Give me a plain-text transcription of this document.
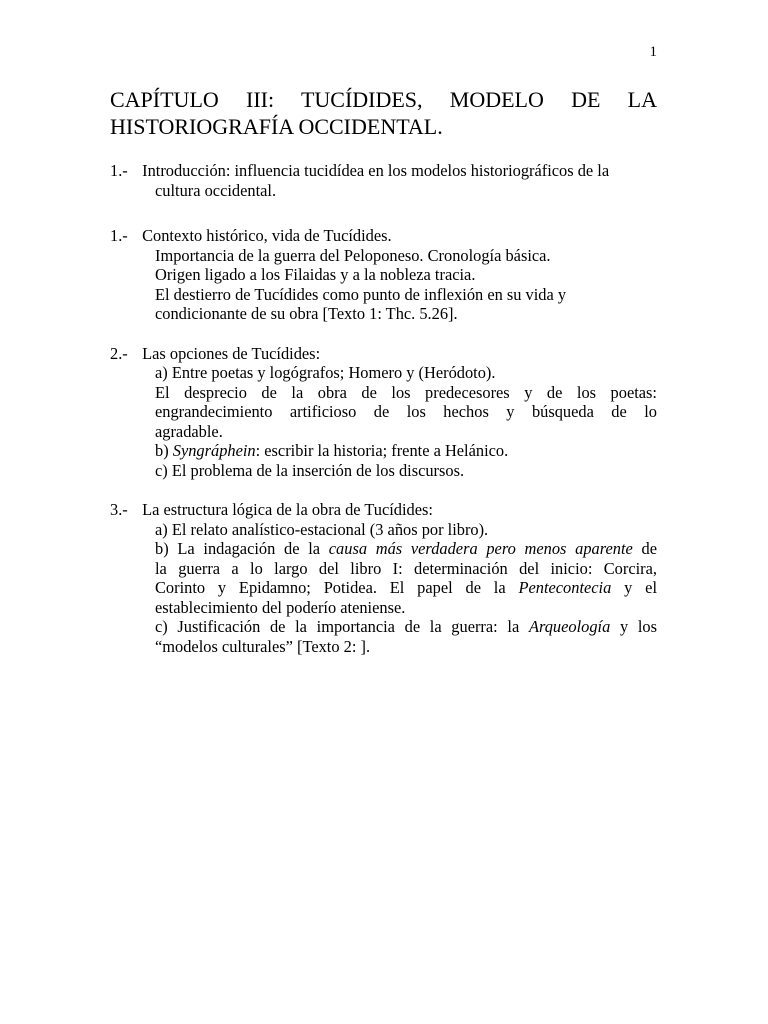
1
CAPÍTULO III: TUCÍDIDES, MODELO DE LA
HISTORIOGRAFÍA OCCIDENTAL.
1.- Introducción: influencia tucidídea en los modelos historiográficos de la
cultura occidental.
1.- Contexto histórico, vida de Tucídides.
Importancia de la guerra del Peloponeso. Cronología básica.
Origen ligado a los Filaidas y a la nobleza tracia.
El destierro de Tucídides como punto de inflexión en su vida y
condicionante de su obra [Texto 1: Thc. 5.26].
2.- Las opciones de Tucídides:
a) Entre poetas y logógrafos; Homero y (Heródoto).
El desprecio de la obra de los predecesores y de los poetas:
engrandecimiento artificioso de los hechos y búsqueda de lo
agradable.
b) Syngráphein: escribir la historia; frente a Helánico.
c) El problema de la inserción de los discursos.
3.- La estructura lógica de la obra de Tucídides:
a) El relato analístico-estacional (3 años por libro).
b) La indagación de la causa más verdadera pero menos aparente de
la guerra a lo largo del libro I: determinación del inicio: Corcira,
Corinto y Epidamno; Potidea. El papel de la Pentecontecia y el
establecimiento del poderío ateniense.
c) Justificación de la importancia de la guerra: la Arqueología y los
“modelos culturales” [Texto 2: ].
